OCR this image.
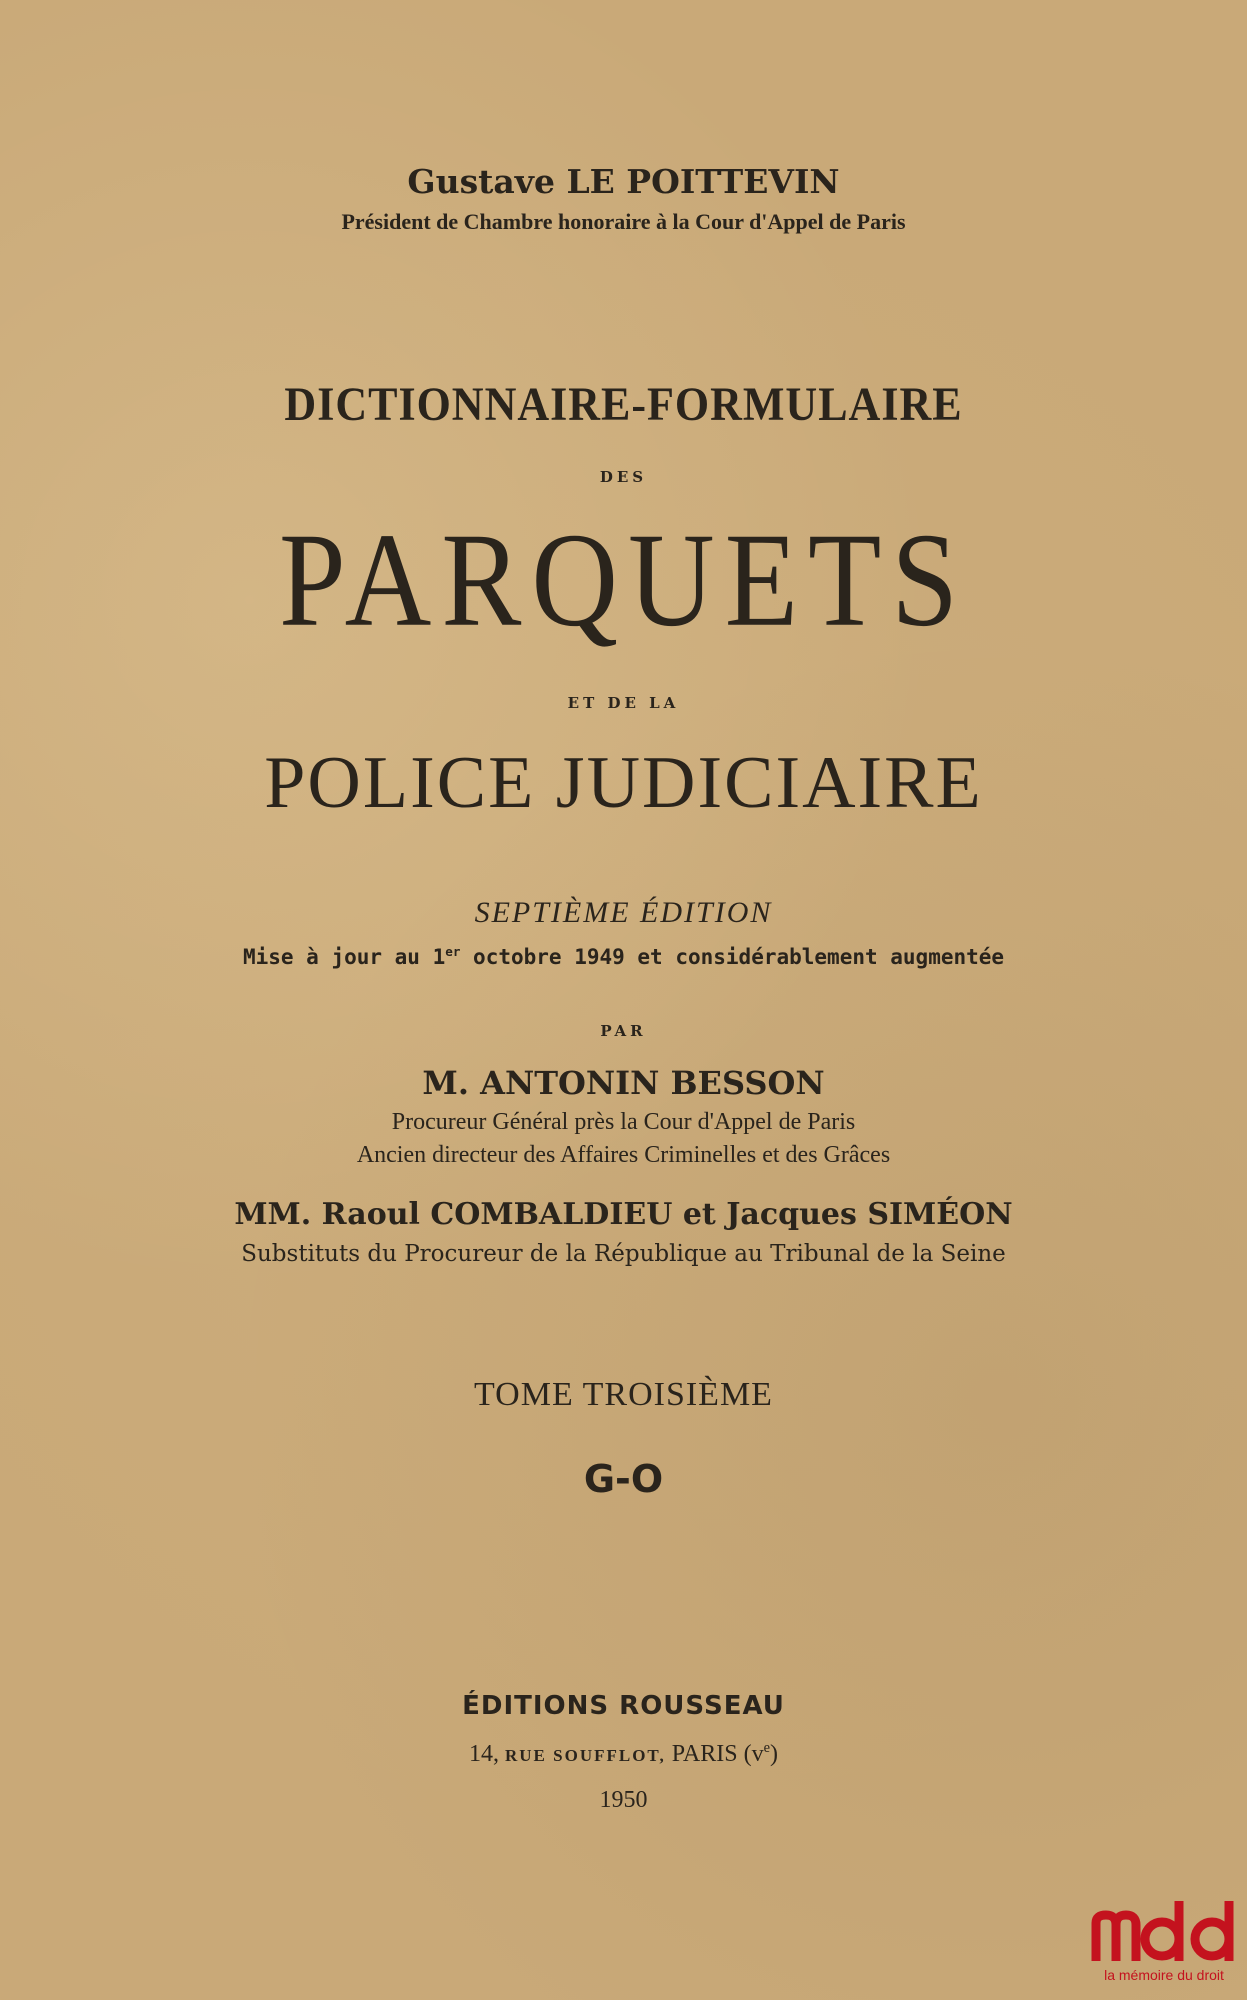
Gustave LE POITTEVIN
Président de Chambre honoraire à la Cour d'Appel de Paris
DICTIONNAIRE-FORMULAIRE
DES
PARQUETS
ET DE LA
POLICE JUDICIAIRE
SEPTIÈME ÉDITION
Mise à jour au 1er octobre 1949 et considérablement augmentée
PAR
M. ANTONIN BESSON
Procureur Général près la Cour d'Appel de Paris
Ancien directeur des Affaires Criminelles et des Grâces
MM. Raoul COMBALDIEU et Jacques SIMÉON
Substituts du Procureur de la République au Tribunal de la Seine
TOME TROISIÈME
G-O
ÉDITIONS ROUSSEAU
14, RUE SOUFFLOT, PARIS $(v^e)$
1950
la mémoire du droit
